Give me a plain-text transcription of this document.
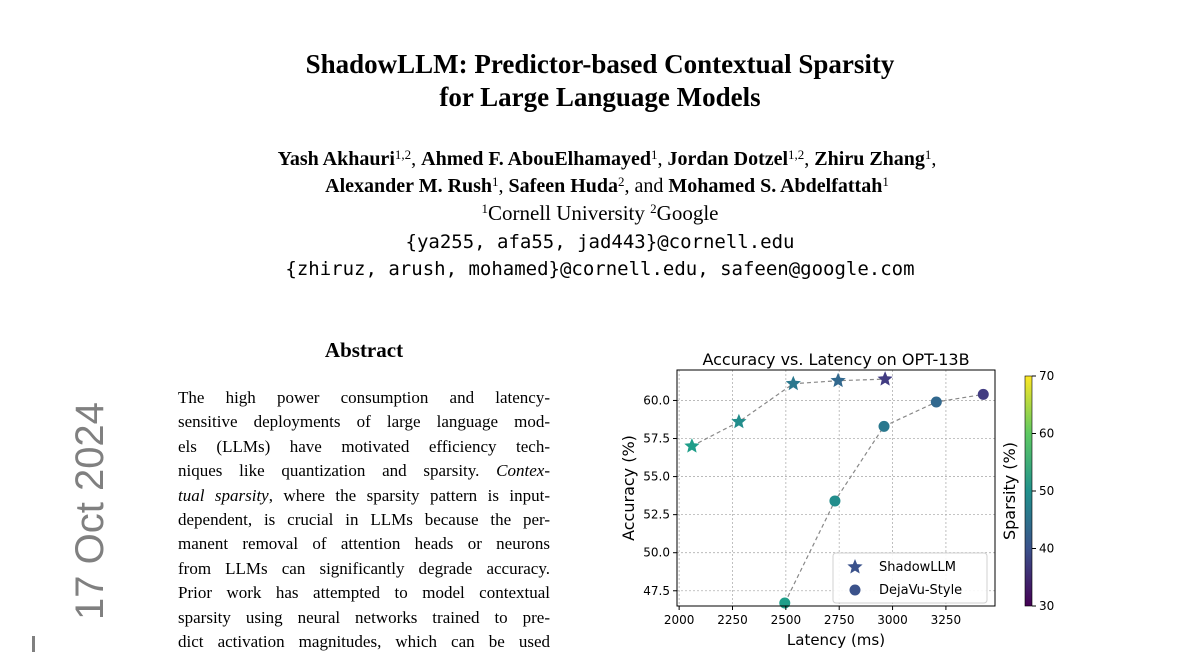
ShadowLLM: Predictor-based Contextual Sparsity
for Large Language Models
Yash Akhauri$^{1,2}$, Ahmed F. AbouElhamayed$^1$, Jordan Dotzel$^{1,2}$, Zhiru Zhang$^1$,
Alexander M. Rush$^1$, Safeen Huda$^2$, and Mohamed S. Abdelfattah$^1$
$^1$Cornell University $^2$Google
{ya255, afa55, jad443}@cornell.edu
{zhiruz, arush, mohamed}@cornell.edu, safeen@google.com
Abstract
The high power consumption and latency-
sensitive deployments of large language mod-
els (LLMs) have motivated efficiency tech-
niques like quantization and sparsity. Contex-
tual sparsity, where the sparsity pattern is input-
dependent, is crucial in LLMs because the per-
manent removal of attention heads or neurons
from LLMs can significantly degrade accuracy.
Prior work has attempted to model contextual
sparsity using neural networks trained to pre-
dict activation magnitudes, which can be used
17 Oct 2024
Accuracy vs. Latency on OPT-13B
2000 2250 2500 2750 3000 3250
47.5
50.0
52.5
55.0
57.5
60.0
Latency (ms)
Accuracy (%)
ShadowLLM
DejaVu-Style
30
40
50
60
70
Sparsity (%)
